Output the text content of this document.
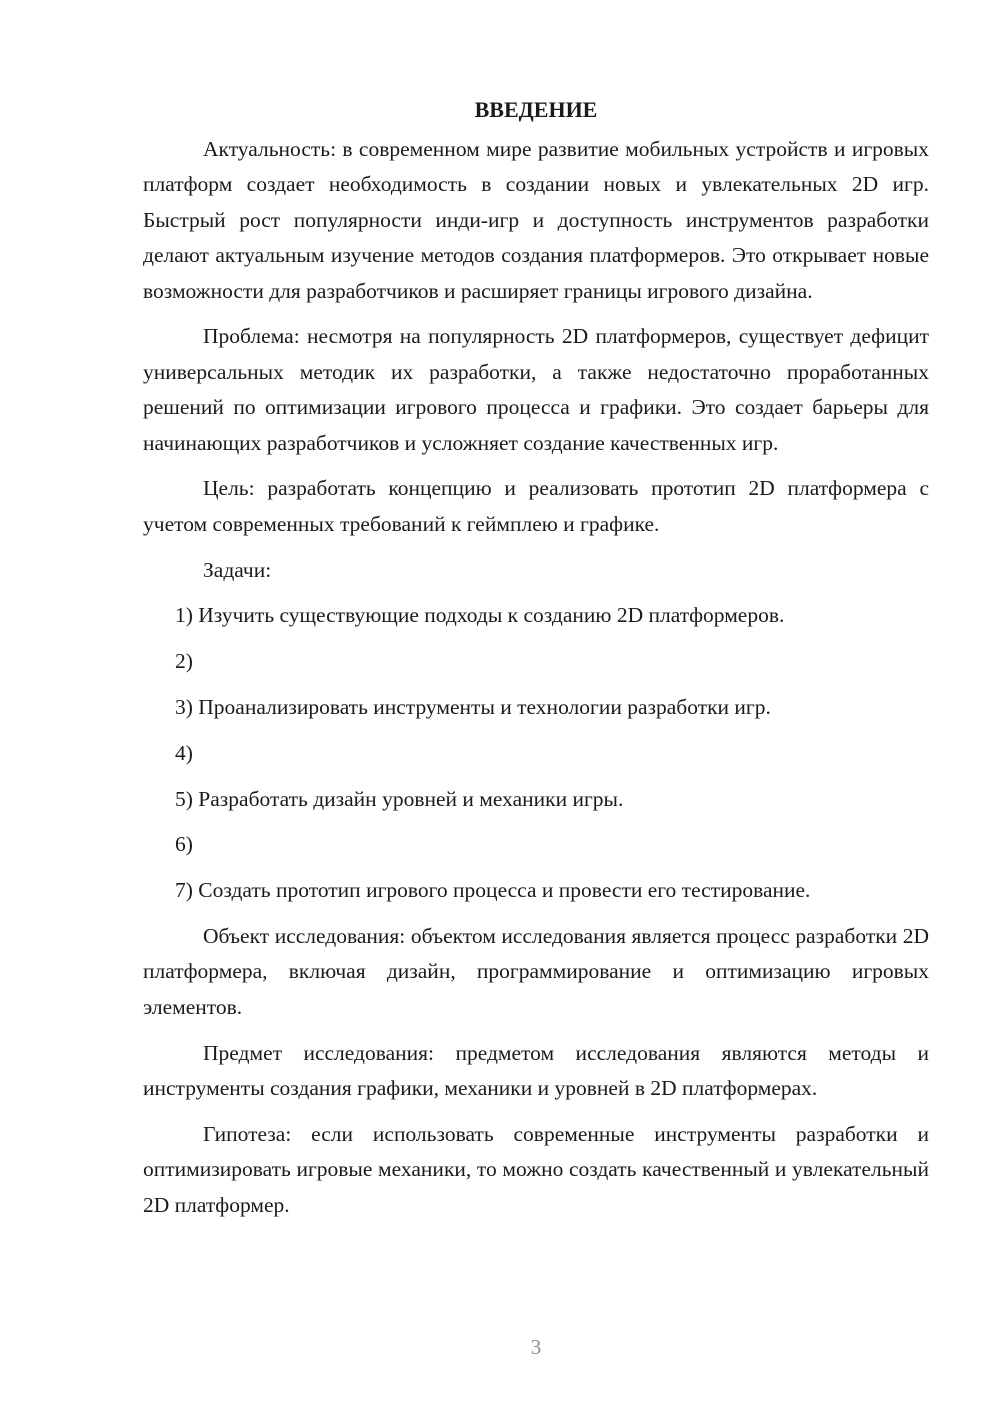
ВВЕДЕНИЕ

Актуальность: в современном мире развитие мобильных устройств и игровых платформ создает необходимость в создании новых и увлекательных 2D игр. Быстрый рост популярности инди-игр и доступность инструментов разработки делают актуальным изучение методов создания платформеров. Это открывает новые возможности для разработчиков и расширяет границы игрового дизайна.

Проблема: несмотря на популярность 2D платформеров, существует дефицит универсальных методик их разработки, а также недостаточно проработанных решений по оптимизации игрового процесса и графики. Это создает барьеры для начинающих разработчиков и усложняет создание качественных игр.

Цель: разработать концепцию и реализовать прототип 2D платформера с учетом современных требований к геймплею и графике.

Задачи:
1) Изучить существующие подходы к созданию 2D платформеров.
2)
3) Проанализировать инструменты и технологии разработки игр.
4)
5) Разработать дизайн уровней и механики игры.
6)
7) Создать прототип игрового процесса и провести его тестирование.

Объект исследования: объектом исследования является процесс разработки 2D платформера, включая дизайн, программирование и оптимизацию игровых элементов.

Предмет исследования: предметом исследования являются методы и инструменты создания графики, механики и уровней в 2D платформерах.

Гипотеза: если использовать современные инструменты разработки и оптимизировать игровые механики, то можно создать качественный и увлекательный 2D платформер.

3
